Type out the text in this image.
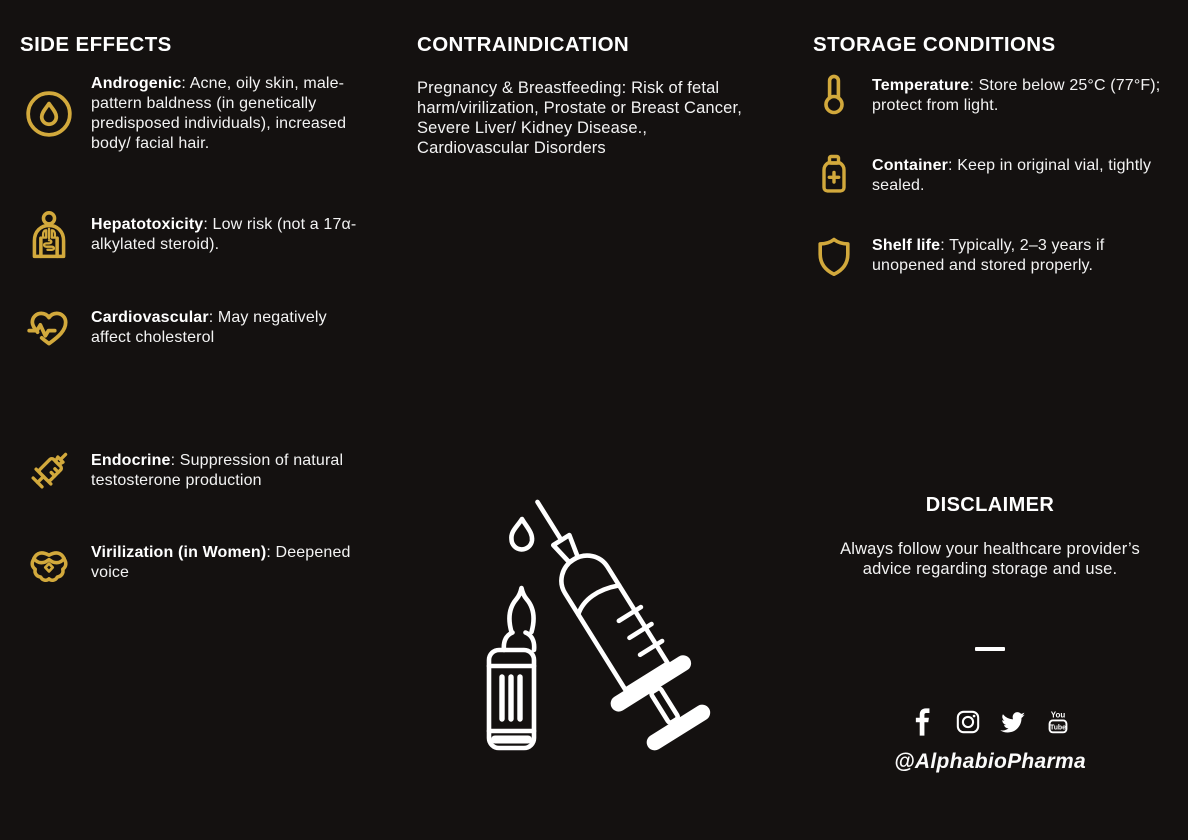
SIDE EFFECTS	CONTRAINDICATION	STORAGE CONDITIONS
Androgenic: Acne, oily skin, male-pattern baldness (in genetically predisposed individuals), increased body/ facial hair.
Hepatotoxicity: Low risk (not a 17α-alkylated steroid).
Cardiovascular: May negatively affect cholesterol
Endocrine: Suppression of natural testosterone production
Virilization (in Women): Deepened voice

Pregnancy & Breastfeeding: Risk of fetal harm/virilization, Prostate or Breast Cancer, Severe Liver/ Kidney Disease., Cardiovascular Disorders

Temperature: Store below 25°C (77°F); protect from light.
Container: Keep in original vial, tightly sealed.
Shelf life: Typically, 2–3 years if unopened and stored properly.
DISCLAIMER

Always follow your healthcare provider’s advice regarding storage and use.

You
Tube
@AlphabioPharma
